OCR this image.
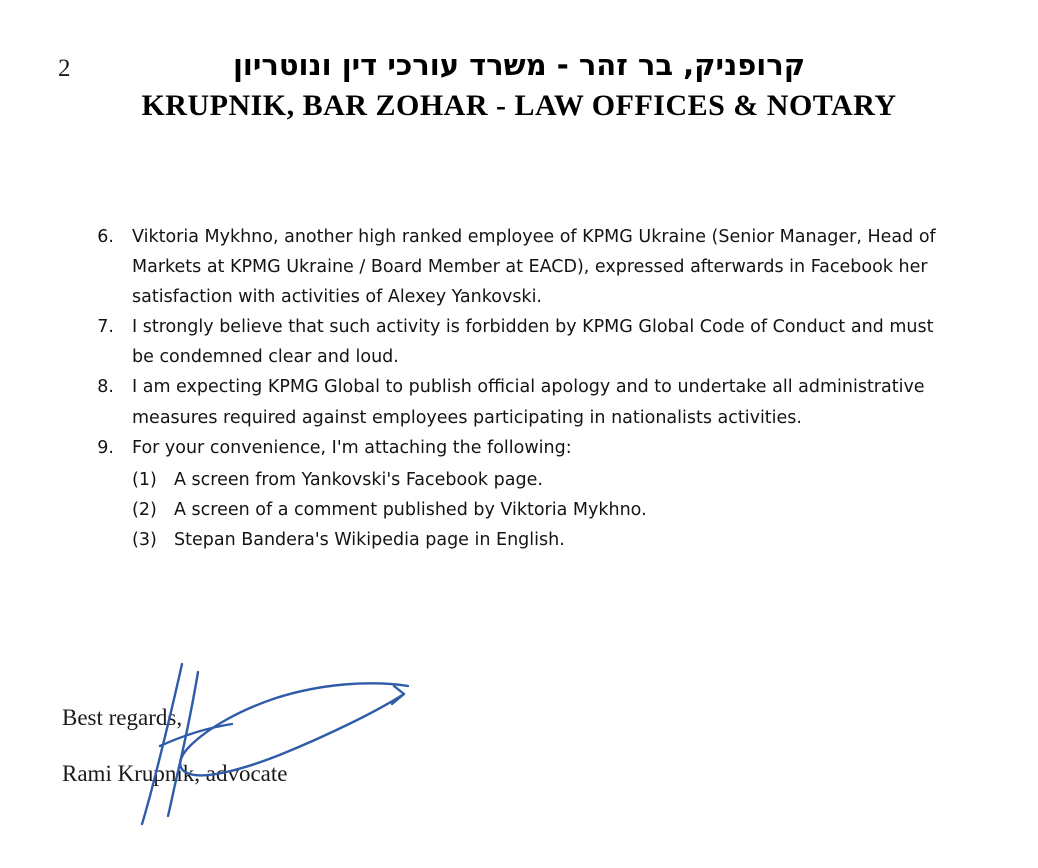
2	קרופניק, בר זהר - משרד עורכי דין ונוטריון
KRUPNIK, BAR ZOHAR - LAW OFFICES & NOTARY
6.	Viktoria Mykhno, another high ranked employee of KPMG Ukraine (Senior Manager, Head of Markets at KPMG Ukraine / Board Member at EACD), expressed afterwards in Facebook her satisfaction with activities of Alexey Yankovski.
7.	I strongly believe that such activity is forbidden by KPMG Global Code of Conduct and must be condemned clear and loud.
8.	I am expecting KPMG Global to publish official apology and to undertake all administrative measures required against employees participating in nationalists activities.
9.	For your convenience, I'm attaching the following:
(1) A screen from Yankovski's Facebook page.
(2) A screen of a comment published by Viktoria Mykhno.
(3) Stepan Bandera's Wikipedia page in English.
Best regards,
Rami Krupnik, advocate
